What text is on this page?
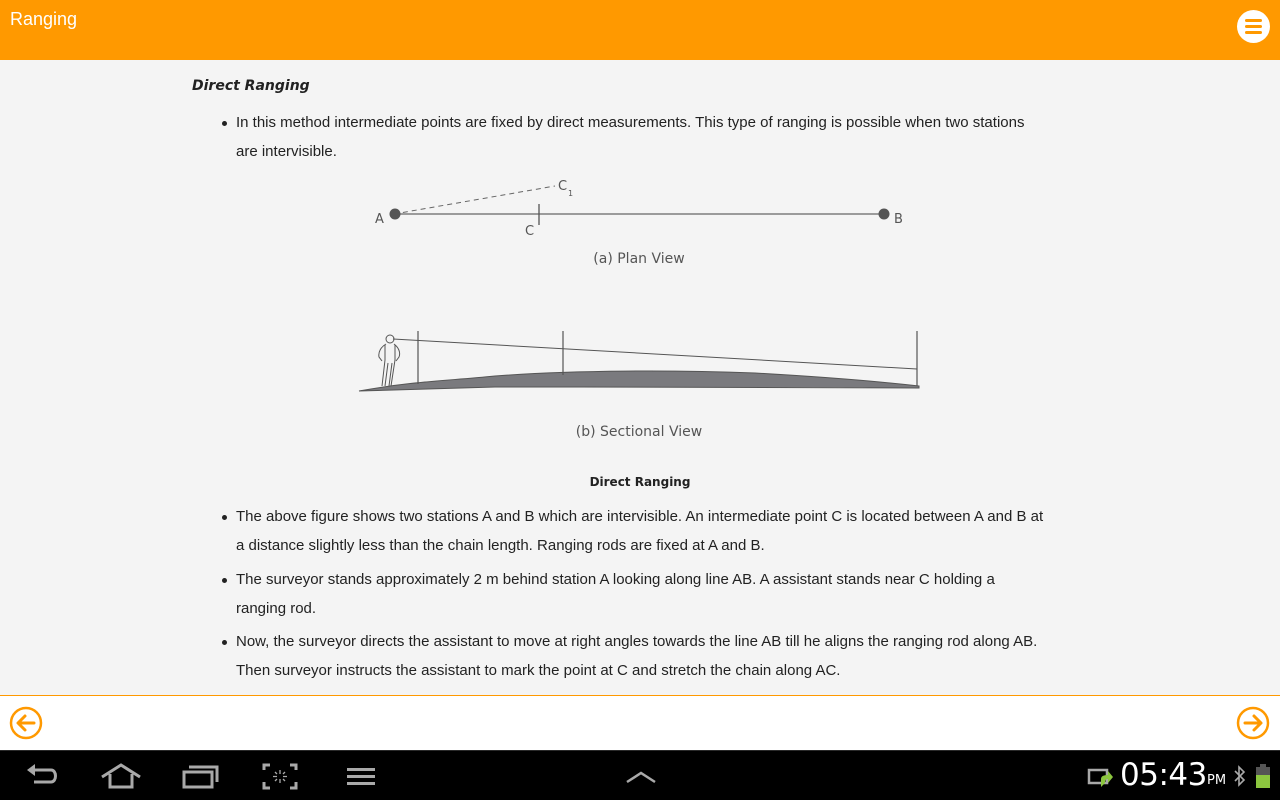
Ranging
Direct Ranging
In this method intermediate points are fixed by direct measurements. This type of ranging is possible when two stations are intervisible.
A	B
C
C 1
(a) Plan View
(b) Sectional View
Direct Ranging
The above figure shows two stations A and B which are intervisible. An intermediate point C is located between A and B at a distance slightly less than the chain length. Ranging rods are fixed at A and B.
The surveyor stands approximately 2 m behind station A looking along line AB. A assistant stands near C holding a ranging rod.
Now, the surveyor directs the assistant to move at right angles towards the line AB till he aligns the ranging rod along AB. Then surveyor instructs the assistant to mark the point at C and stretch the chain along AC.
05:43 PM
